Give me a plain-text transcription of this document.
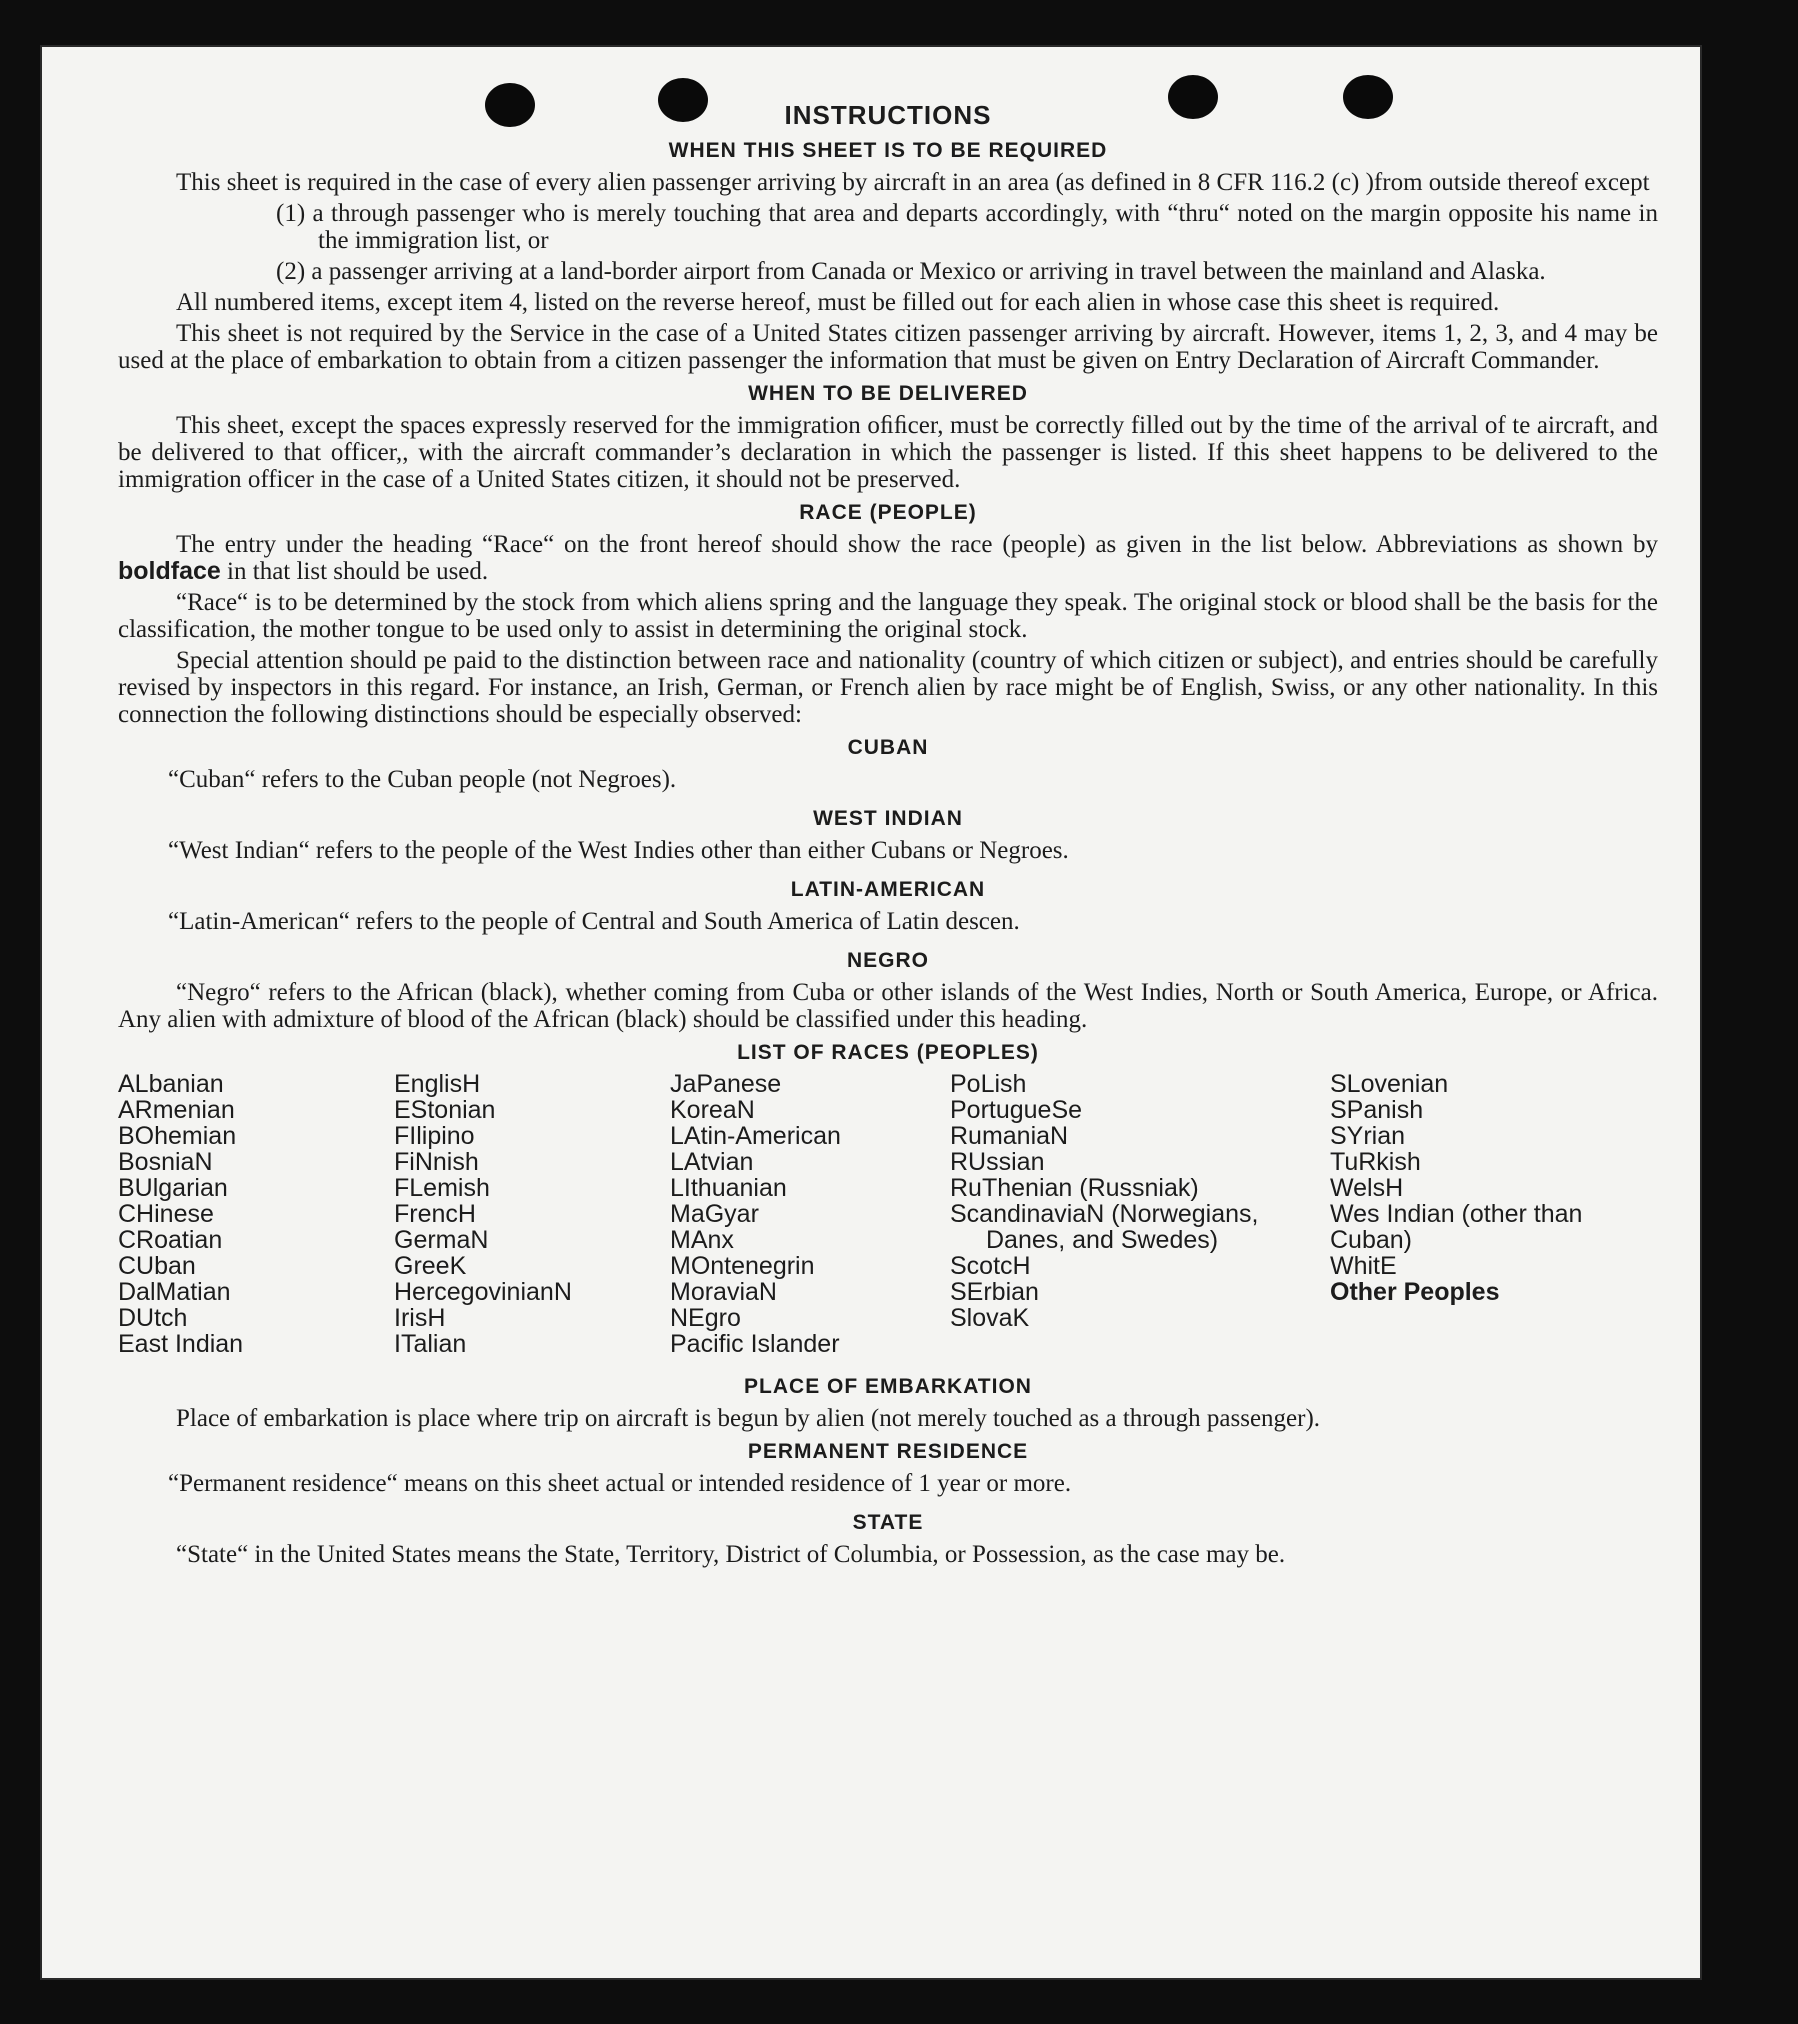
INSTRUCTIONS
WHEN THIS SHEET IS TO BE REQUIRED

This sheet is required in the case of every alien passenger arriving by aircraft in an area (as defined in 8 CFR 116.2 (c) )from outside thereof except

(1) a through passenger who is merely touching that area and departs accordingly, with “thru“ noted on the margin opposite his name in the immigration list, or

(2) a passenger arriving at a land-border airport from Canada or Mexico or arriving in travel between the mainland and Alaska.

All numbered items, except item 4, listed on the reverse hereof, must be filled out for each alien in whose case this sheet is required.

This sheet is not required by the Service in the case of a United States citizen passenger arriving by aircraft. However, items 1, 2, 3, and 4 may be used at the place of embarkation to obtain from a citizen passenger the information that must be given on Entry Declaration of Aircraft Commander.

WHEN TO BE DELIVERED

This sheet, except the spaces expressly reserved for the immigration oﬁﬁcer, must be correctly filled out by the time of the arrival of te aircraft, and be delivered to that officer,, with the aircraft commander’s declaration in which the passenger is listed. If this sheet happens to be delivered to the immigration officer in the case of a United States citizen, it should not be preserved.

RACE (PEOPLE)

The entry under the heading “Race“ on the front hereof should show the race (people) as given in the list below. Abbreviations as shown by boldface in that list should be used.

“Race“ is to be determined by the stock from which aliens spring and the language they speak. The original stock or blood shall be the basis for the classification, the mother tongue to be used only to assist in determining the original stock.

Special attention should pe paid to the distinction between race and nationality (country of which citizen or subject), and entries should be carefully revised by inspectors in this regard. For instance, an Irish, German, or French alien by race might be of English, Swiss, or any other nationality. In this connection the following distinctions should be especially observed:

CUBAN

“Cuban“ refers to the Cuban people (not Negroes).

WEST INDIAN

“West Indian“ refers to the people of the West Indies other than either Cubans or Negroes.

LATIN-AMERICAN

“Latin-American“ refers to the people of Central and South America of Latin descen.

NEGRO

“Negro“ refers to the African (black), whether coming from Cuba or other islands of the West Indies, North or South America, Europe, or Africa. Any alien with admixture of blood of the African (black) should be classified under this heading.

LIST OF RACES (PEOPLES)
ALbanian
ARmenian
BOhemian
BosniaN
BUlgarian
CHinese
CRoatian
CUban
DalMatian
DUtch
East Indian
EnglisH
EStonian
FIlipino
FiNnish
FLemish
FrencH
GermaN
GreeK
HercegovinianN
IrisH
ITalian
JaPanese
KoreaN
LAtin-American
LAtvian
LIthuanian
MaGyar
MAnx
MOntenegrin
MoraviaN
NEgro
Pacific Islander
PoLish
PortugueSe
RumaniaN
RUssian
RuThenian (Russniak)
ScandinaviaN (Norwegians, Danes, and Swedes)
ScotcH
SErbian
SlovaK
SLovenian
SPanish
SYrian
TuRkish
WelsH
Wes Indian (other than Cuban)
WhitE
Other Peoples
PLACE OF EMBARKATION

Place of embarkation is place where trip on aircraft is begun by alien (not merely touched as a through passenger).

PERMANENT RESIDENCE

“Permanent residence“ means on this sheet actual or intended residence of 1 year or more.

STATE

“State“ in the United States means the State, Territory, District of Columbia, or Possession, as the case may be.
